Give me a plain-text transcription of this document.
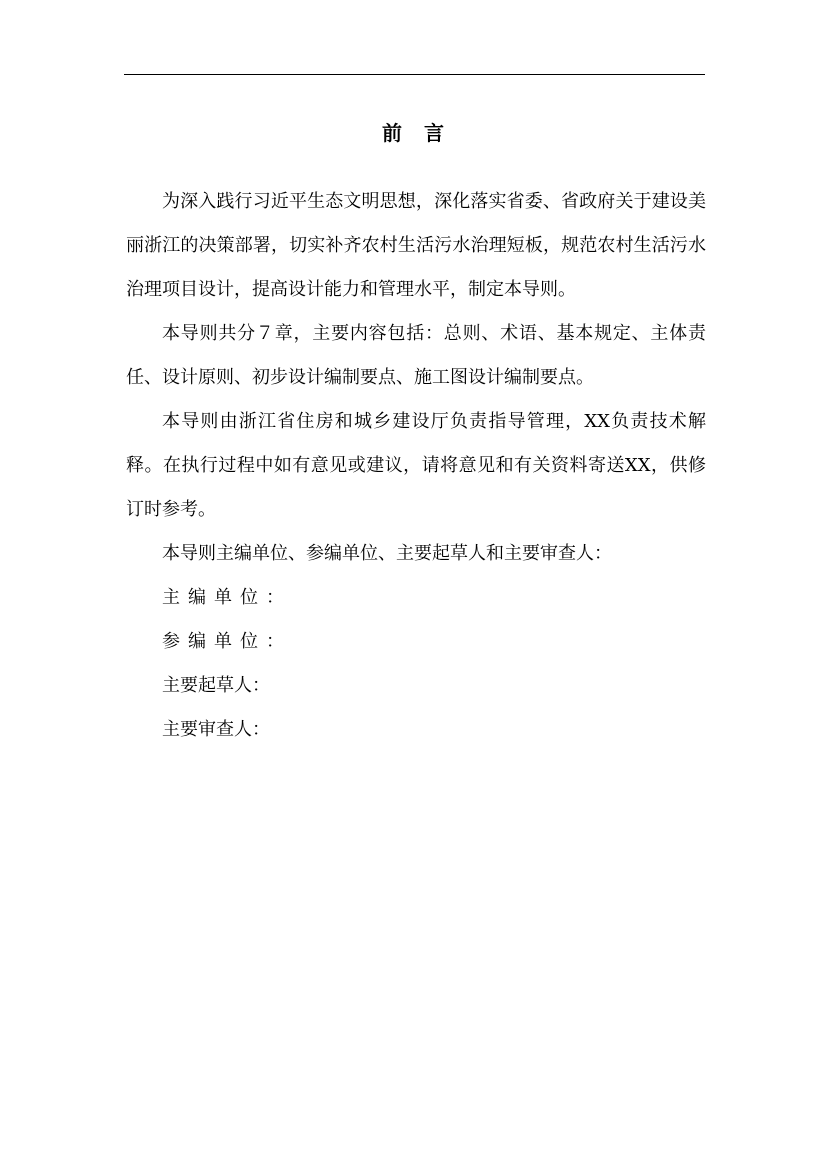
前言

为深入践行习近平生态文明思想，深化落实省委、省政府关于建设美丽浙江的决策部署，切实补齐农村生活污水治理短板，规范农村生活污水治理项目设计，提高设计能力和管理水平，制定本导则。

本导则共分７章，主要内容包括：总则、术语、基本规定、主体责任、设计原则、初步设计编制要点、施工图设计编制要点。

本导则由浙江省住房和城乡建设厅负责指导管理，XX负责技术解释。在执行过程中如有意见或建议，请将意见和有关资料寄送XX，供修订时参考。

本导则主编单位、参编单位、主要起草人和主要审查人：

主编单位：

参编单位：

主要起草人：

主要审查人：
